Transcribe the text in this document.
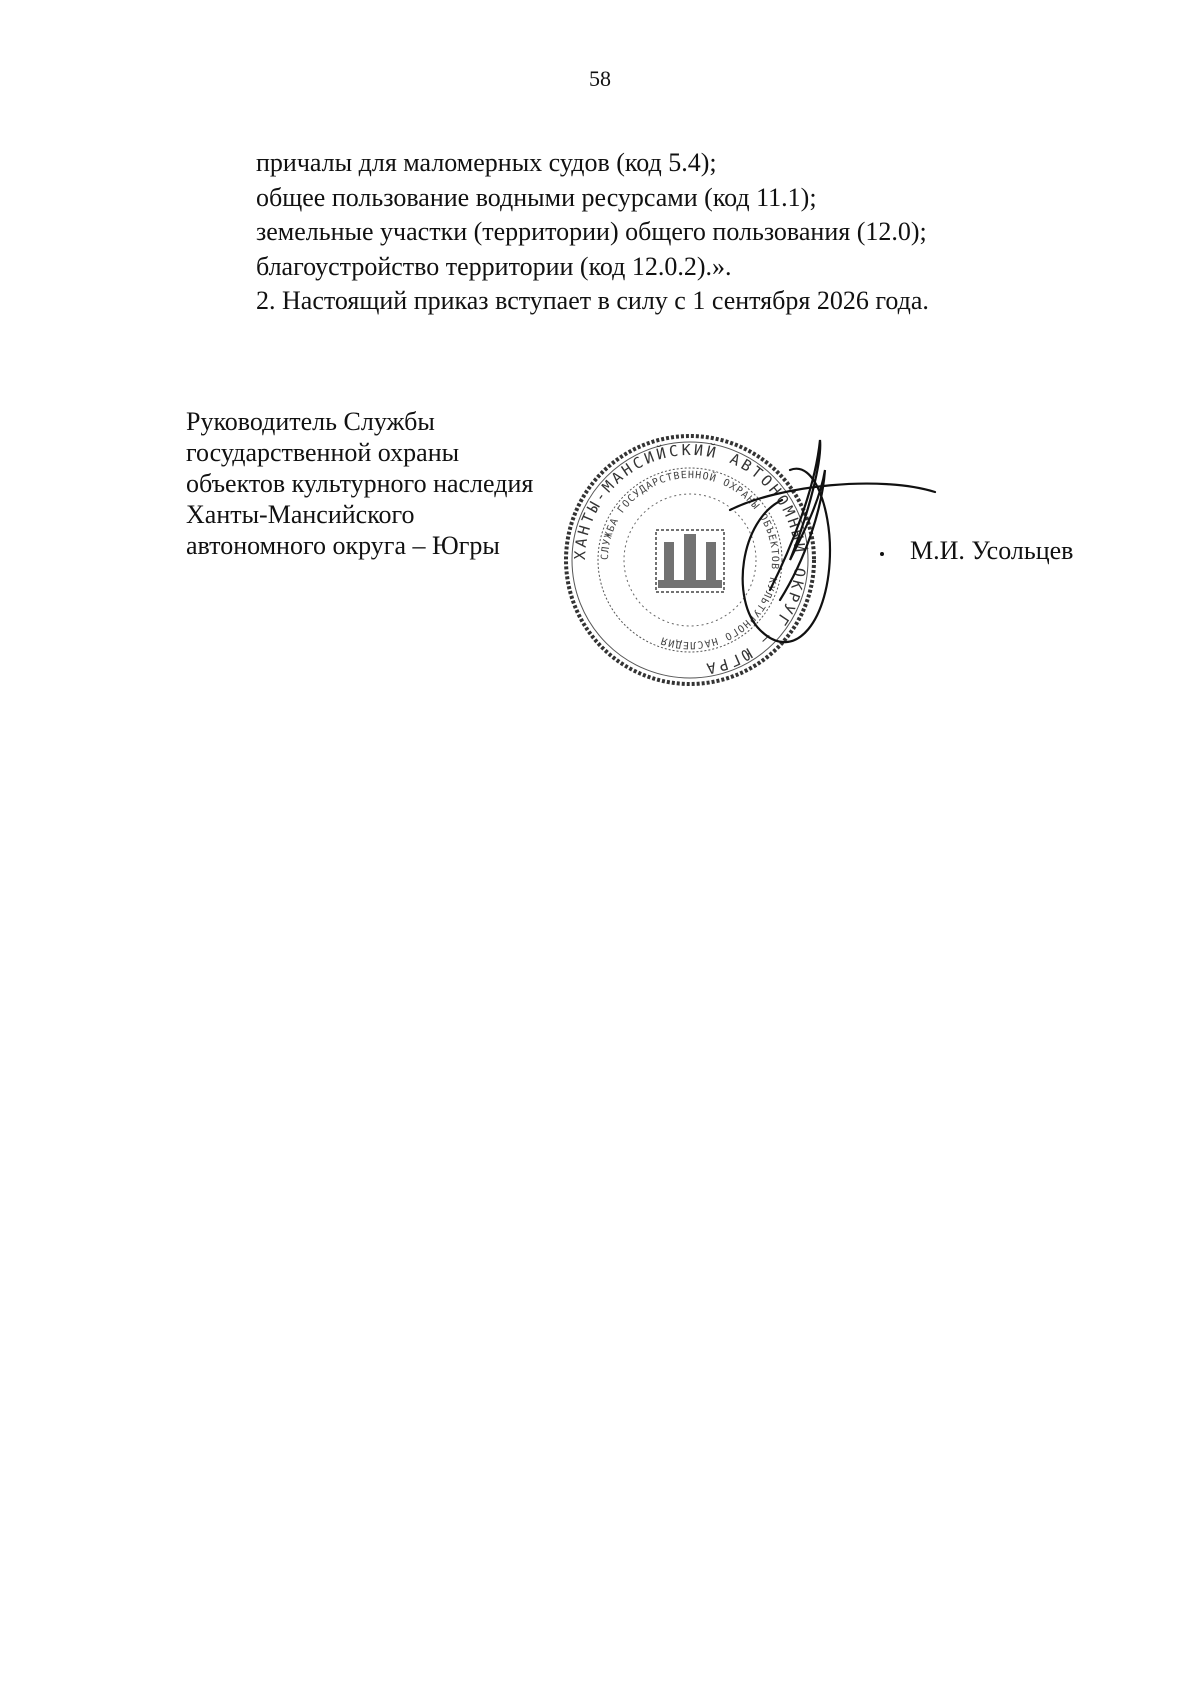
58
причалы для маломерных судов (код 5.4);
общее пользование водными ресурсами (код 11.1);
земельные участки (территории) общего пользования (12.0);
благоустройство территории (код 12.0.2).».
2. Настоящий приказ вступает в силу с 1 сентября 2026 года.
Руководитель Службы
государственной охраны
объектов культурного наследия
Ханты-Мансийского
автономного округа – Югры	ХАНТЫ-МАНСИЙСКИЙ АВТОНОМНЫЙ ОКРУГ – ЮГРА
СЛУЖБА ГОСУДАРСТВЕННОЙ ОХРАНЫ ОБЪЕКТОВ КУЛЬТУРНОГО НАСЛЕДИЯ
М.И. Усольцев
